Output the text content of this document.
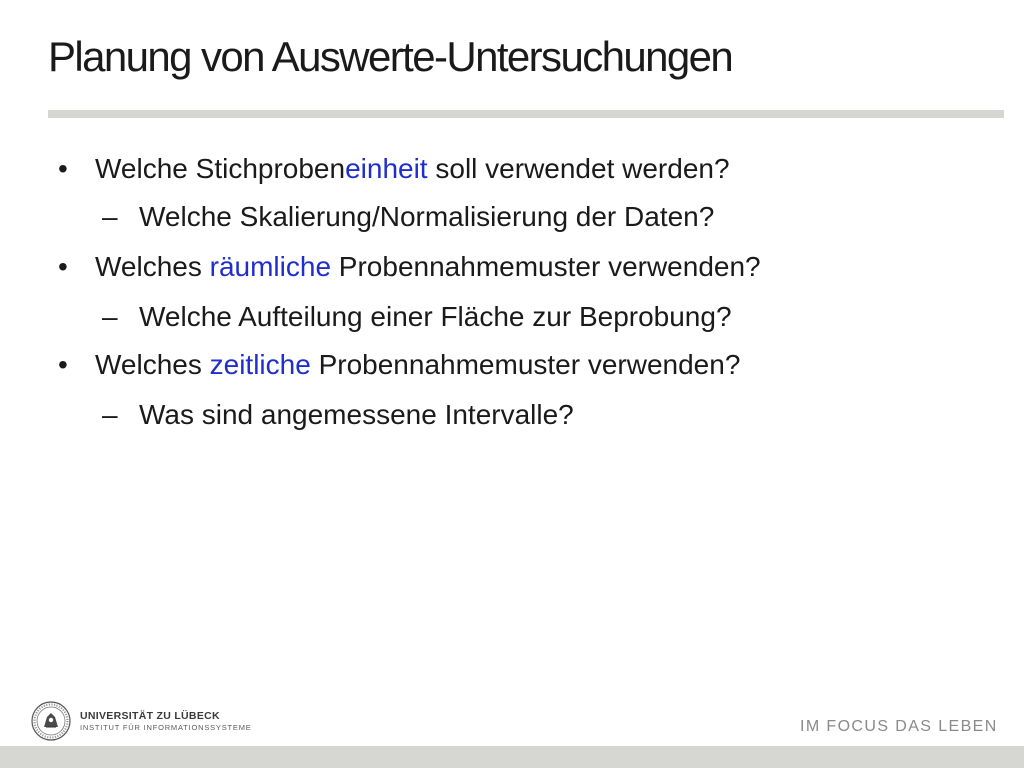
Planung von Auswerte-Untersuchungen
• Welche Stichprobeneinheit soll verwendet werden?
– Welche Skalierung/Normalisierung der Daten?
• Welches räumliche Probennahmemuster verwenden?
– Welche Aufteilung einer Fläche zur Beprobung?
• Welches zeitliche Probennahmemuster verwenden?
– Was sind angemessene Intervalle?
UNIVERSITÄT ZU LÜBECK
INSTITUT FÜR INFORMATIONSSYSTEME	IM FOCUS DAS LEBEN
